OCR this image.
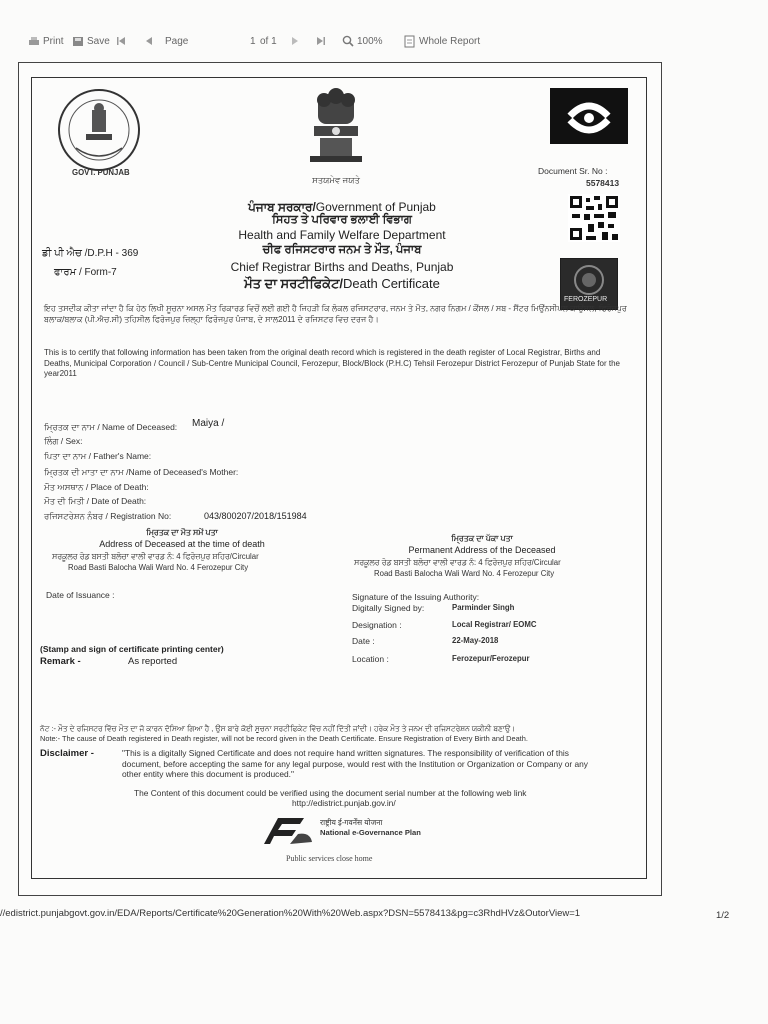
Print Save	Page	1 of 1	100%	Whole Report
GOVT. PUNJAB
ਸਤਯਮੇਵ ਜਯਤੇ
Document Sr. No :
5578413
FEROZEPUR
ਪੰਜਾਬ ਸਰਕਾਰ/Government of Punjab
ਸਿਹਤ ਤੇ ਪਰਿਵਾਰ ਭਲਾਈ ਵਿਭਾਗ
Health and Family Welfare Department
ਚੀਫ ਰਜਿਸਟਰਾਰ ਜਨਮ ਤੇ ਮੌਤ, ਪੰਜਾਬ
Chief Registrar Births and Deaths, Punjab
ਮੌਤ ਦਾ ਸਰਟੀਫਿਕੇਟ/Death Certificate
ਡੀ ਪੀ ਐਚ /D.P.H - 369
ਫਾਰਮ / Form-7
ਇਹ ਤਸਦੀਕ ਕੀਤਾ ਜਾਂਦਾ ਹੈ ਕਿ ਹੇਠ ਲਿਖੀ ਸੂਚਨਾ ਅਸਲ ਮੌਤ ਰਿਕਾਰਡ ਵਿਚੋਂ ਲਈ ਗਈ ਹੈ ਜਿਹੜੀ ਕਿ ਲੋਕਲ ਰਜਿਸਟਰਾਰ, ਜਨਮ ਤੇ ਮੌਤ, ਨਗਰ ਨਿਗਮ / ਕੌਂਸਲ / ਸਬ - ਸੈਂਟਰ ਮਿਉਂਨਸੀਪਲ ਕਾਉਂਸਲ, ਫਿਰੋਜਪੁਰ ਬਲਾਕ/ਬਲਾਕ (ਪੀ.ਐਚ.ਸੀ) ਤਹਿਸੀਲ ਫਿਰੋਜਪੁਰ ਜ਼ਿਲ੍ਹਾ ਫਿਰੋਜਪੁਰ ਪੰਜਾਬ, ਦੇ ਸਾਲ2011 ਦੇ ਰਜਿਸਟਰ ਵਿਚ ਦਰਜ ਹੈ।
This is to certify that following information has been taken from the original death record which is registered in the death register of Local Registrar, Births and Deaths, Municipal Corporation / Council / Sub-Centre Municipal Council, Ferozepur, Block/Block (P.H.C) Tehsil Ferozepur District Ferozepur of Punjab State for the year2011
ਮ੍ਰਿਤਕ ਦਾ ਨਾਮ / Name of Deceased: Maiya /
ਲਿੰਗ / Sex:
ਪਿਤਾ ਦਾ ਨਾਮ / Father's Name:
ਮ੍ਰਿਤਕ ਦੀ ਮਾਤਾ ਦਾ ਨਾਮ /Name of Deceased's Mother:
ਮੌਤ ਅਸਥਾਨ / Place of Death:
ਮੌਤ ਦੀ ਮਿਤੀ / Date of Death:
ਰਜਿਸਟਰੇਸ਼ਨ ਨੰਬਰ / Registration No:	043/800207/2018/151984
ਮ੍ਰਿਤਕ ਦਾ ਮੌਤ ਸਮੇਂ ਪਤਾ
Address of Deceased at the time of death
ਸਰਕੂਲਰ ਰੋਡ ਬਸਤੀ ਬਲੋਚਾ ਵਾਲੀ ਵਾਰਡ ਨੰ: 4 ਫਿਰੋਜ਼ਪੁਰ ਸ਼ਹਿਰ/Circular
Road Basti Balocha Wali Ward No. 4 Ferozepur City
ਮ੍ਰਿਤਕ ਦਾ ਪੱਕਾ ਪਤਾ
Permanent Address of the Deceased
ਸਰਕੂਲਰ ਰੋਡ ਬਸਤੀ ਬਲੋਚਾ ਵਾਲੀ ਵਾਰਡ ਨੰ: 4 ਫਿਰੋਜ਼ਪੁਰ ਸ਼ਹਿਰ/Circular
Road Basti Balocha Wali Ward No. 4 Ferozepur City
Date of Issuance :	Signature of the Issuing Authority:
Digitally Signed by:	Parminder Singh
Designation :	Local Registrar/ EOMC
Date :	22-May-2018
Location :	Ferozepur/Ferozepur
(Stamp and sign of certificate printing center)
Remark -	As reported
ਨੋਟ :- ਮੌਤ ਦੇ ਰਜਿਸਟਰ ਵਿੱਚ ਮੌਤ ਦਾ ਜੋ ਕਾਰਨ ਦੱਸਿਆ ਗਿਆ ਹੈ , ਉਸ ਬਾਰੇ ਕੋਈ ਸੂਚਨਾ ਸਰਟੀਫਿਕੇਟ ਵਿੱਚ ਨਹੀਂ ਦਿੱਤੀ ਜਾਂਦੀ। ਹਰੇਕ ਮੌਤ ਤੇ ਜਨਮ ਦੀ ਰਜਿਸਟਰੇਸ਼ਨ ਯਕੀਨੀ ਬਣਾਉ।
Note:- The cause of Death registered in Death register, will not be record given in the Death Certificate. Ensure Registration of Every Birth and Death.
Disclaimer -	"This is a digitally Signed Certificate and does not require hand written signatures. The responsibility of verification of this document, before accepting the same for any legal purpose, would rest with the Institution or Organization or Company or any other entity where this document is produced."
The Content of this document could be verified using the document serial number at the following web link
http://edistrict.punjab.gov.in/
राष्ट्रीय ई-गवर्नेंस योजना
National e-Governance Plan
Public services close home
//edistrict.punjabgovt.gov.in/EDA/Reports/Certificate%20Generation%20With%20Web.aspx?DSN=5578413&pg=c3RhdHVz&OutorView=1	1/2
